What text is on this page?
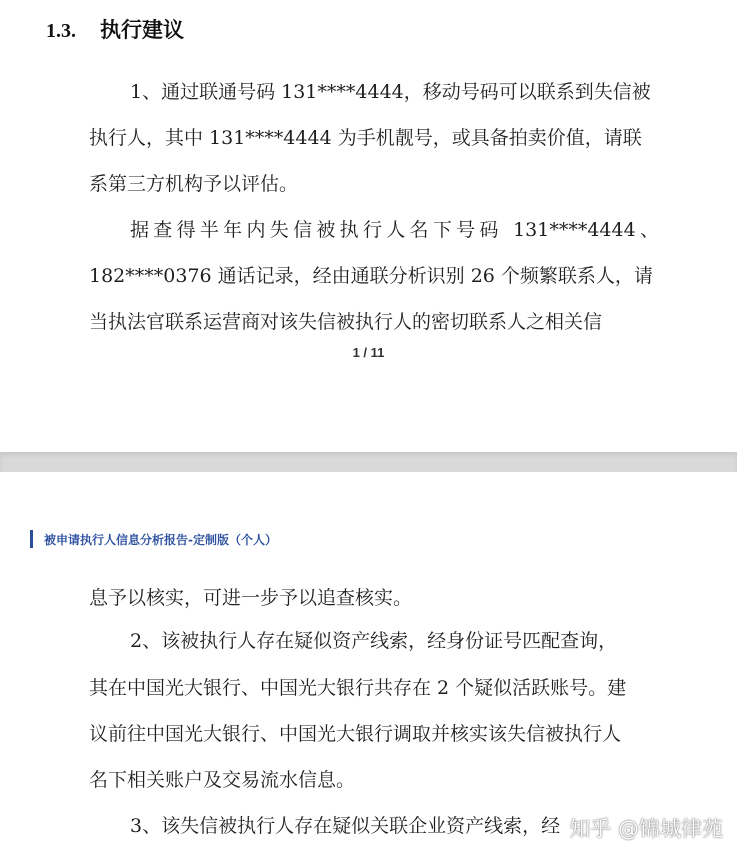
1.3. 执行建议
1、通过联通号码 131****4444，移动号码可以联系到失信被
执行人，其中 131****4444 为手机靓号，或具备拍卖价值，请联
系第三方机构予以评估。
据查得半年内失信被执行人名下号码 131****4444、
182****0376 通话记录，经由通联分析识别 26 个频繁联系人，请
当执法官联系运营商对该失信被执行人的密切联系人之相关信
1 / 11
被申请执行人信息分析报告-定制版（个人）
息予以核实，可进一步予以追查核实。
2、该被执行人存在疑似资产线索，经身份证号匹配查询，
其在中国光大银行、中国光大银行共存在 2 个疑似活跃账号。建
议前往中国光大银行、中国光大银行调取并核实该失信被执行人
名下相关账户及交易流水信息。
3、该失信被执行人存在疑似关联企业资产线索，经 知乎 @锦城律苑
